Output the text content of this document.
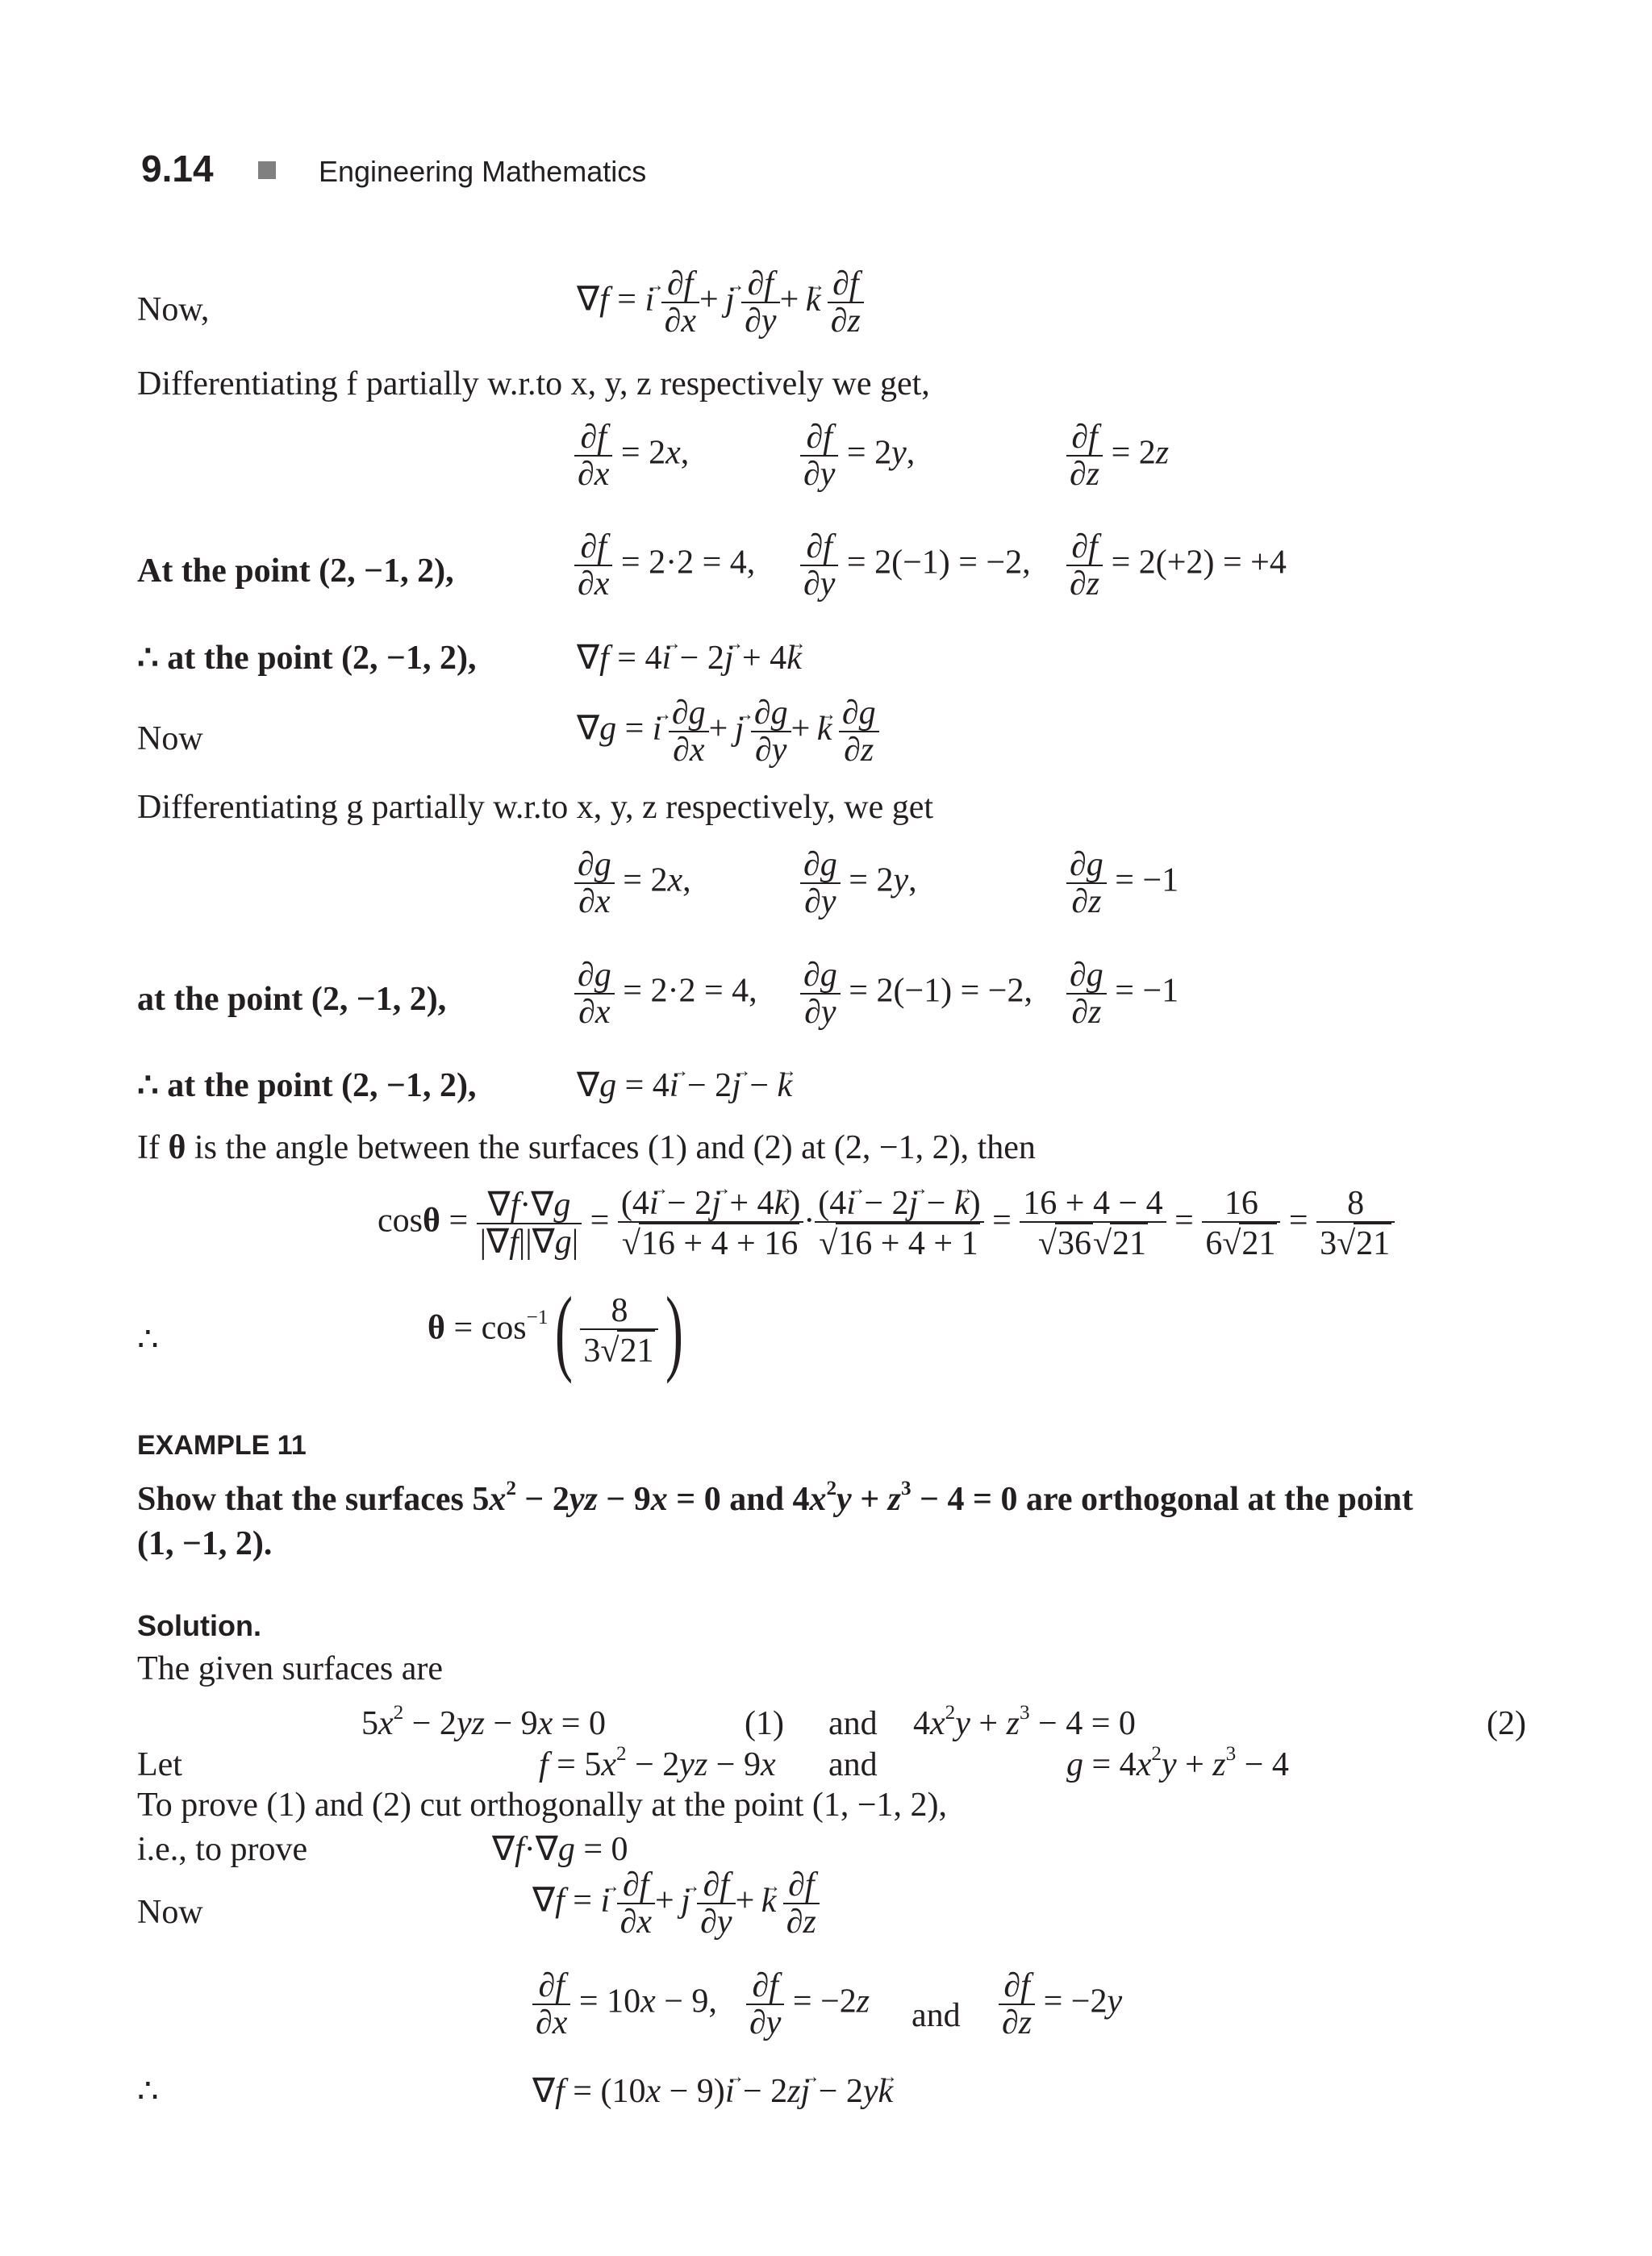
9.14	Engineering Mathematics
Now,	∇f = → i  $\frac{\partial f}{\partial x}$ + → j  $\frac{\partial f}{\partial y}$ + → k  $\frac{\partial f}{\partial z}$
Differentiating f partially w.r.to x, y, z respectively we get,
$\frac{\partial f}{\partial x} = 2x$,	$\frac{\partial f}{\partial y} = 2y$,	$\frac{\partial f}{\partial z} = 2z$
At the point (2, −1, 2),	$\frac{\partial f}{\partial x} = 2\cdot 2 = 4$, $\frac{\partial f}{\partial y} = 2(-1) = -2$, $\frac{\partial f}{\partial z} = 2(+2) = +4$
∴ at the point (2, −1, 2),	∇f = 4→ i − 2→ j + 4→ k
Now	∇g = → i  $\frac{\partial g}{\partial x}$ + → j  $\frac{\partial g}{\partial y}$ + → k  $\frac{\partial g}{\partial z}$
Differentiating g partially w.r.to x, y, z respectively, we get
$\frac{\partial g}{\partial x} = 2x$,	$\frac{\partial g}{\partial y} = 2y$,	$\frac{\partial g}{\partial z} = -1$
at the point (2, −1, 2),	$\frac{\partial g}{\partial x} = 2\cdot 2 = 4$, $\frac{\partial g}{\partial y} = 2(-1) = -2$, $\frac{\partial g}{\partial z} = -1$
∴ at the point (2, −1, 2),	∇g = 4→ i − 2→ j − → k
If θ is the angle between the surfaces (1) and (2) at (2, −1, 2), then
$\cos\theta = \frac{\nabla f\cdot\nabla g}{|\nabla f||\nabla g|} = \frac{(4\to i - 2\to j + 4\to k)}{√16 + 4 + 16} \cdot \frac{(4\to i - 2\to j - \to k)}{√16 + 4 + 1} = \frac{16 + 4 - 4}{√36√21} = \frac{16}{6√21} = \frac{8}{3√21}$
∴	$\theta = \cos^{-1}( \frac{8}{3√21}$ )
EXAMPLE 11
Show that the surfaces $5x^2 - 2yz - 9x = 0$ and $4x^2y + z^3 - 4 = 0$ are orthogonal at the point
(1, −1, 2).
Solution.
The given surfaces are
$5x^2 - 2yz - 9x = 0$	(1) and $4x^2y + z^3 - 4 = 0$	(2)
Let	$f = 5x^2 - 2yz - 9x$ and	$g = 4x^2y + z^3 - 4$
To prove (1) and (2) cut orthogonally at the point (1, −1, 2),
i.e., to prove	∇f·∇g = 0
Now	∇f = → i  $\frac{\partial f}{\partial x}$ + → j  $\frac{\partial f}{\partial y}$ + → k  $\frac{\partial f}{\partial z}$
$\frac{\partial f}{\partial x} = 10x - 9$, $\frac{\partial f}{\partial y} = -2z$ and $\frac{\partial f}{\partial z} = -2y$
∴	∇f = (10x − 9)→ i − 2z→ j − 2y→ k
